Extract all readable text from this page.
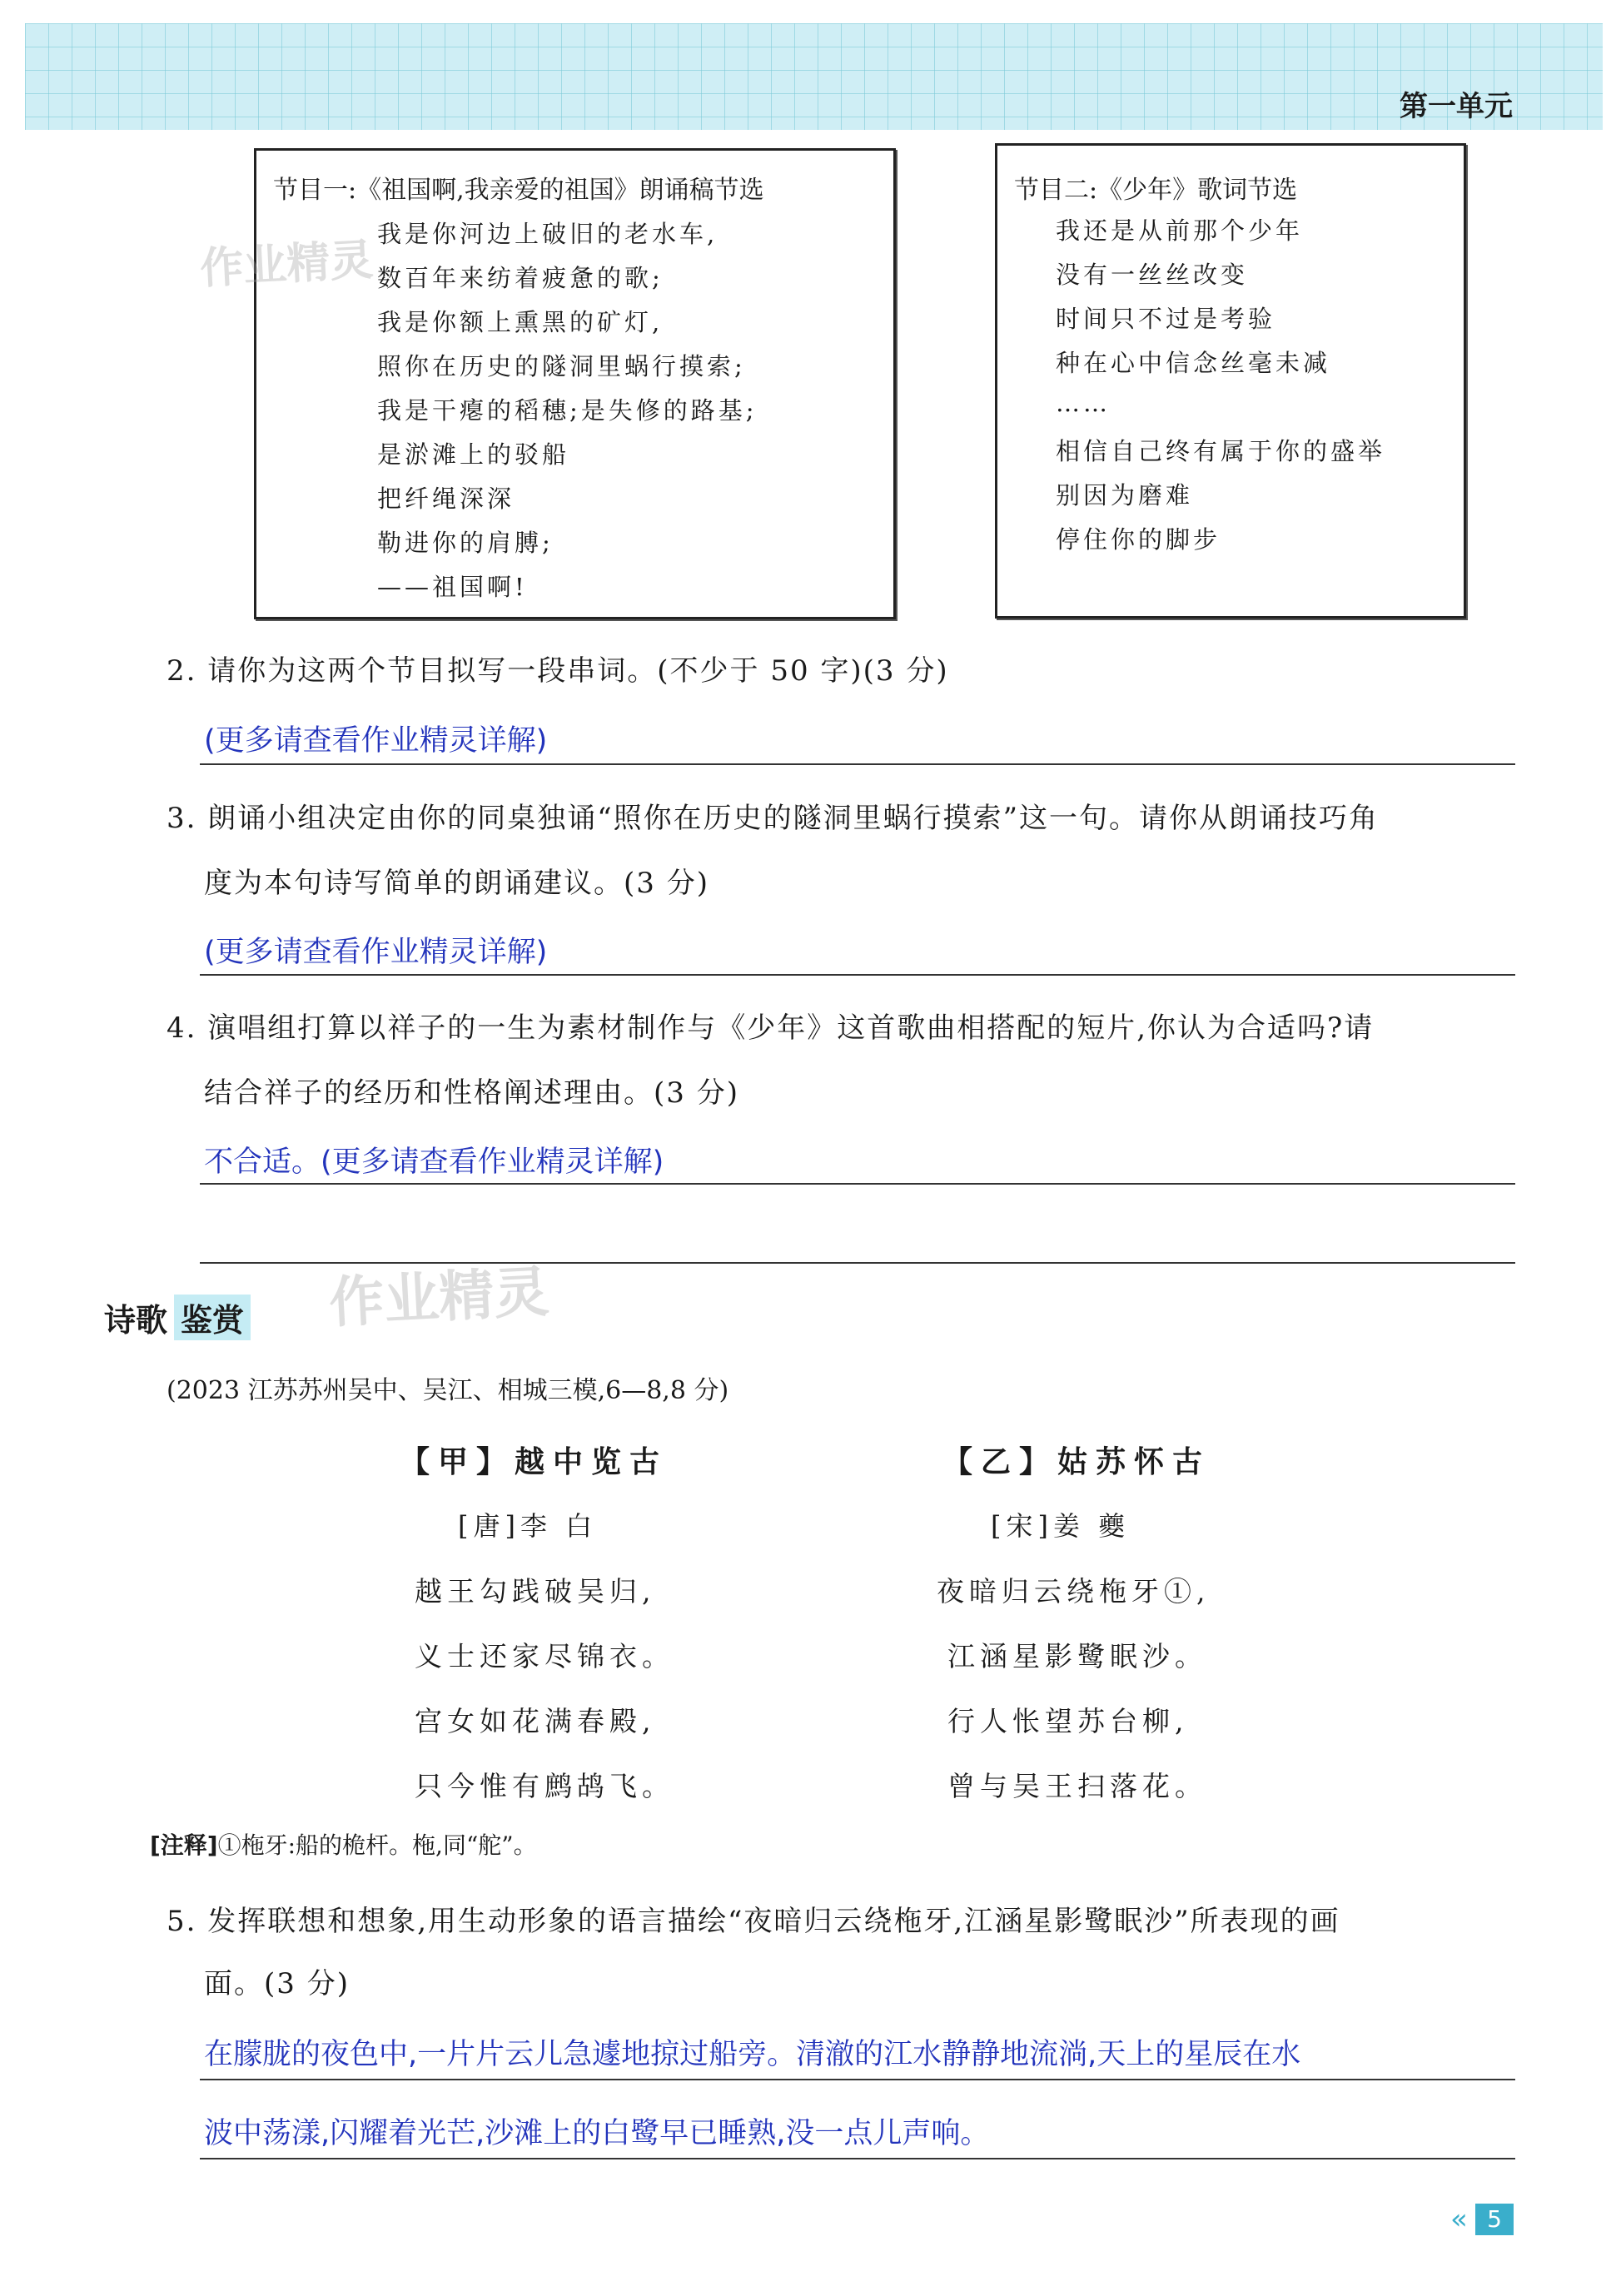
第一单元
节目一:《祖国啊,我亲爱的祖国》朗诵稿节选
我是你河边上破旧的老水车,
数百年来纺着疲惫的歌;
我是你额上熏黑的矿灯,
照你在历史的隧洞里蜗行摸索;
我是干瘪的稻穗;是失修的路基;
是淤滩上的驳船
把纤绳深深
勒进你的肩膊;
——祖国啊!
节目二:《少年》歌词节选
我还是从前那个少年
没有一丝丝改变
时间只不过是考验
种在心中信念丝毫未减
……
相信自己终有属于你的盛举
别因为磨难
停住你的脚步
作业精灵
2. 请你为这两个节目拟写一段串词。(不少于 50 字)(3 分)
(更多请查看作业精灵详解)
3. 朗诵小组决定由你的同桌独诵“照你在历史的隧洞里蜗行摸索”这一句。请你从朗诵技巧角
度为本句诗写简单的朗诵建议。(3 分)
(更多请查看作业精灵详解)
4. 演唱组打算以祥子的一生为素材制作与《少年》这首歌曲相搭配的短片,你认为合适吗?请
结合祥子的经历和性格阐述理由。(3 分)
不合适。(更多请查看作业精灵详解)
作业精灵
诗歌 鉴赏
(2023 江苏苏州吴中、吴江、相城三模,6—8,8 分)
【甲】越中览古
[唐]李 白
越王勾践破吴归,
义士还家尽锦衣。
宫女如花满春殿,
只今惟有鹧鸪飞。
【乙】姑苏怀古
[宋]姜 夔
夜暗归云绕柂牙①,
江涵星影鹭眠沙。
行人怅望苏台柳,
曾与吴王扫落花。
[注释]①柂牙:船的桅杆。柂,同“舵”。
5. 发挥联想和想象,用生动形象的语言描绘“夜暗归云绕柂牙,江涵星影鹭眠沙”所表现的画
面。(3 分)
在朦胧的夜色中,一片片云儿急遽地掠过船旁。清澈的江水静静地流淌,天上的星辰在水
波中荡漾,闪耀着光芒,沙滩上的白鹭早已睡熟,没一点儿声响。
« 5
